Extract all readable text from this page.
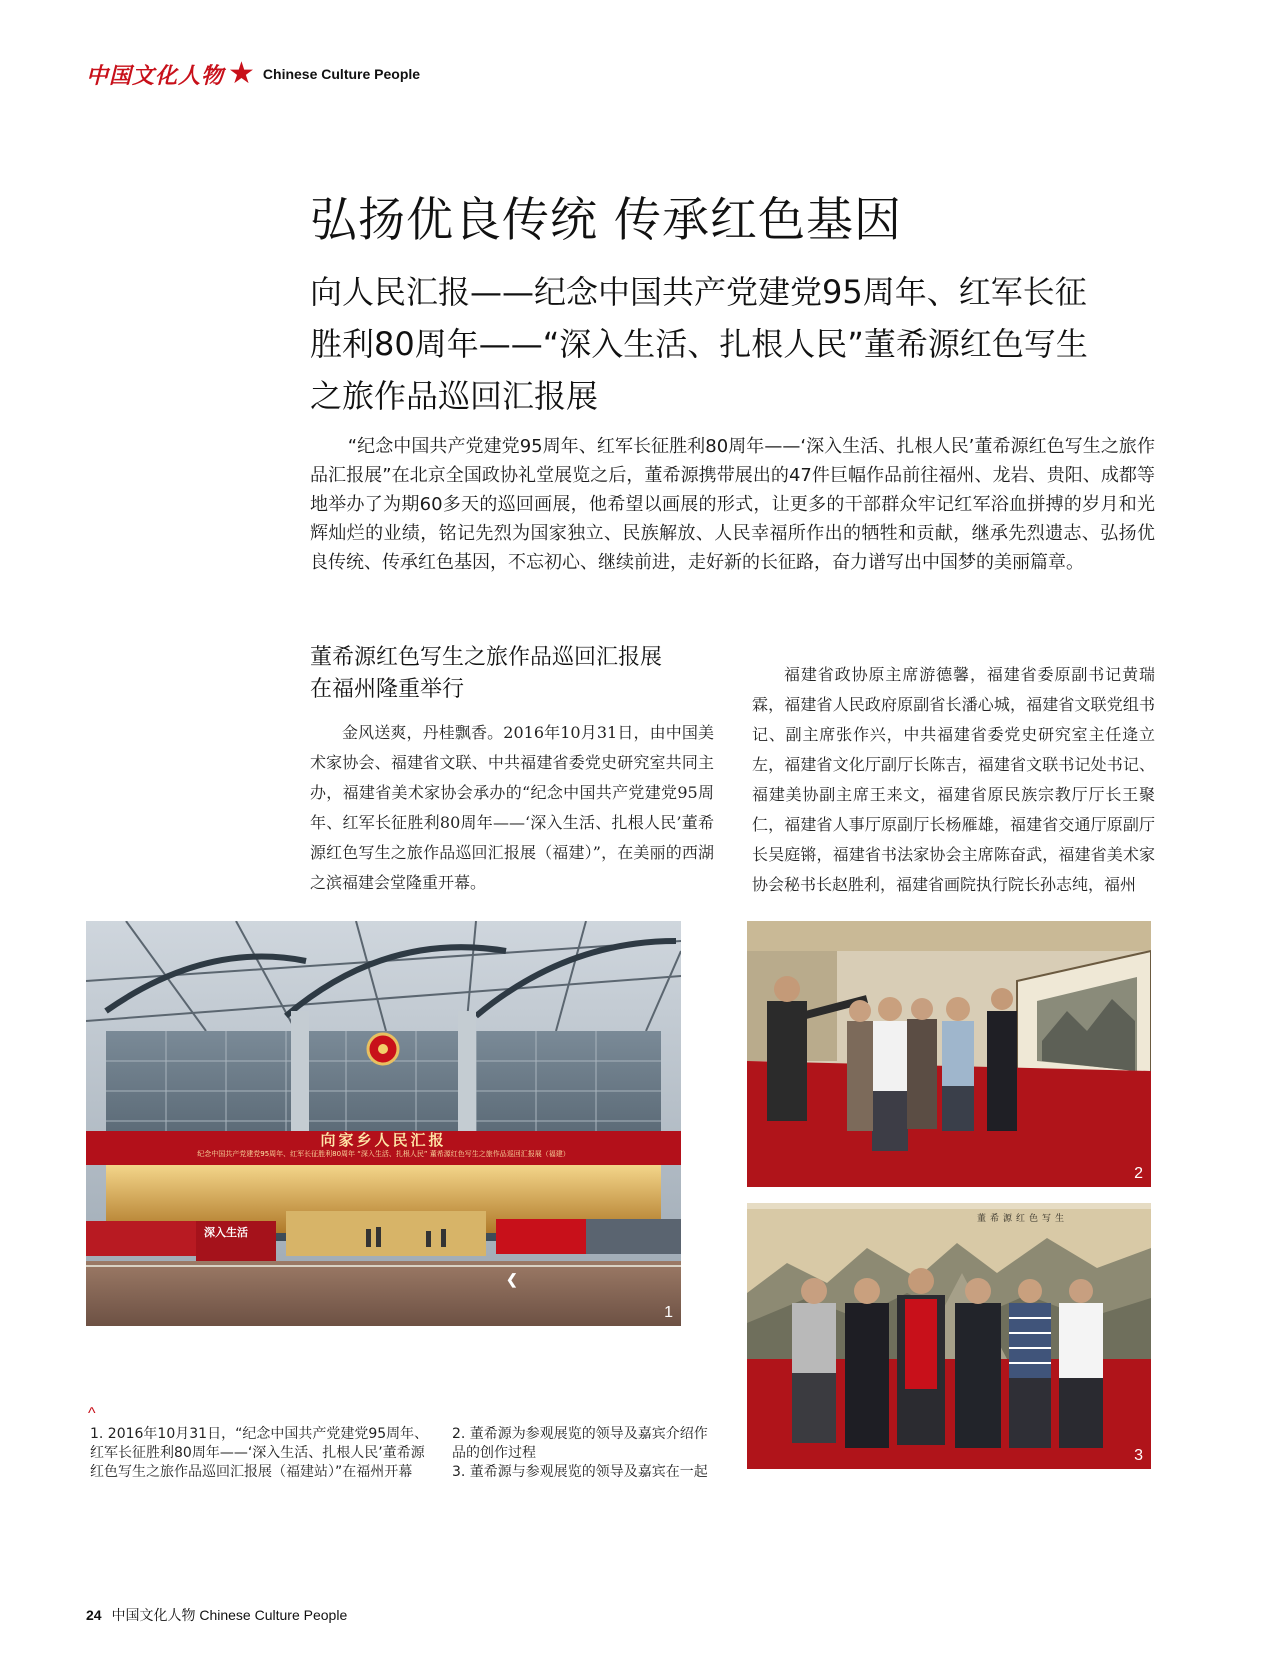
中国文化人物 ★ Chinese Culture People
弘扬优良传统 传承红色基因
向人民汇报——纪念中国共产党建党95周年、红军长征
胜利80周年——“深入生活、扎根人民”董希源红色写生
之旅作品巡回汇报展
“纪念中国共产党建党95周年、红军长征胜利80周年——‘深入生活、扎根人民’董希源红色写生之旅作品汇报展”在北京全国政协礼堂展览之后，董希源携带展出的47件巨幅作品前往福州、龙岩、贵阳、成都等地举办了为期60多天的巡回画展，他希望以画展的形式，让更多的干部群众牢记红军浴血拼搏的岁月和光辉灿烂的业绩，铭记先烈为国家独立、民族解放、人民幸福所作出的牺牲和贡献，继承先烈遗志、弘扬优良传统、传承红色基因，不忘初心、继续前进，走好新的长征路，奋力谱写出中国梦的美丽篇章。
董希源红色写生之旅作品巡回汇报展
在福州隆重举行
金风送爽，丹桂飘香。2016年10月31日，由中国美术家协会、福建省文联、中共福建省委党史研究室共同主办，福建省美术家协会承办的“纪念中国共产党建党95周年、红军长征胜利80周年——‘深入生活、扎根人民’董希源红色写生之旅作品巡回汇报展（福建）”，在美丽的西湖之滨福建会堂隆重开幕。
福建省政协原主席游德馨，福建省委原副书记黄瑞霖，福建省人民政府原副省长潘心城，福建省文联党组书记、副主席张作兴，中共福建省委党史研究室主任逄立左，福建省文化厅副厅长陈吉，福建省文联书记处书记、福建美协副主席王来文，福建省原民族宗教厅厅长王聚仁，福建省人事厅原副厅长杨雁雄，福建省交通厅原副厅长吴庭锵，福建省书法家协会主席陈奋武，福建省美术家协会秘书长赵胜利，福建省画院执行院长孙志纯，福州
❮
向家乡人民汇报
纪念中国共产党建党95周年、红军长征胜利80周年 “深入生活、扎根人民” 董希源红色写生之旅作品巡回汇报展（福建）
深入生活
1
2
董希源红色写生
3
^
1. 2016年10月31日，“纪念中国共产党建党95周年、红军长征胜利80周年——‘深入生活、扎根人民’董希源红色写生之旅作品巡回汇报展（福建站）”在福州开幕
2. 董希源为参观展览的领导及嘉宾介绍作品的创作过程
3. 董希源与参观展览的领导及嘉宾在一起
24 中国文化人物 Chinese Culture People
